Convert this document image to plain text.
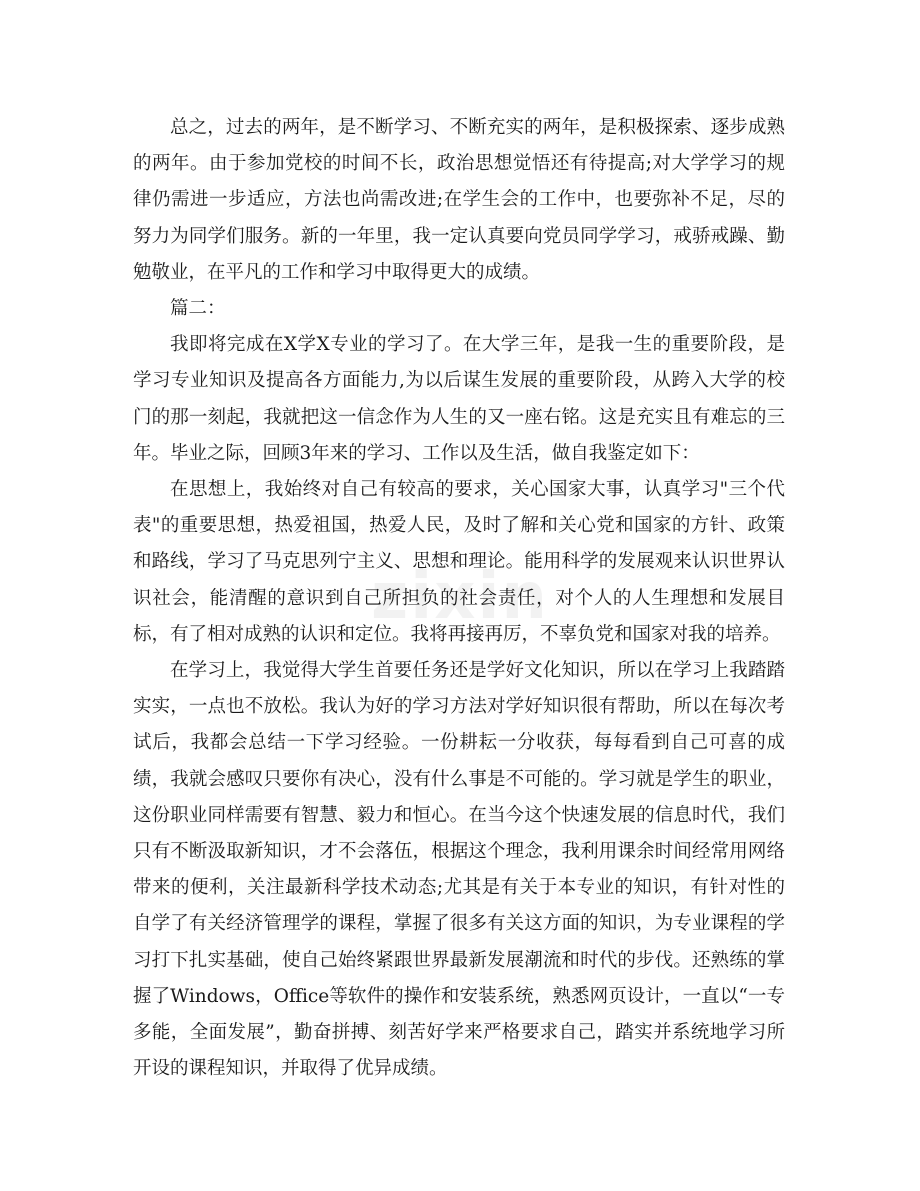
总之，过去的两年，是不断学习、不断充实的两年，是积极探索、逐步成熟的两年。由于参加党校的时间不长，政治思想觉悟还有待提高;对大学学习的规律仍需进一步适应，方法也尚需改进;在学生会的工作中，也要弥补不足，尽的努力为同学们服务。新的一年里，我一定认真要向党员同学学习，戒骄戒躁、勤勉敬业，在平凡的工作和学习中取得更大的成绩。

篇二：

我即将完成在X学X专业的学习了。在大学三年，是我一生的重要阶段，是学习专业知识及提高各方面能力,为以后谋生发展的重要阶段，从跨入大学的校门的那一刻起，我就把这一信念作为人生的又一座右铭。这是充实且有难忘的三年。毕业之际，回顾3年来的学习、工作以及生活，做自我鉴定如下：

在思想上，我始终对自己有较高的要求，关心国家大事，认真学习"三个代表"的重要思想，热爱祖国，热爱人民，及时了解和关心党和国家的方针、政策和路线，学习了马克思列宁主义、思想和理论。能用科学的发展观来认识世界认识社会，能清醒的意识到自己所担负的社会责任，对个人的人生理想和发展目标，有了相对成熟的认识和定位。我将再接再厉，不辜负党和国家对我的培养。

在学习上，我觉得大学生首要任务还是学好文化知识，所以在学习上我踏踏实实，一点也不放松。我认为好的学习方法对学好知识很有帮助，所以在每次考试后，我都会总结一下学习经验。一份耕耘一分收获，每每看到自己可喜的成绩，我就会感叹只要你有决心，没有什么事是不可能的。学习就是学生的职业，这份职业同样需要有智慧、毅力和恒心。在当今这个快速发展的信息时代，我们只有不断汲取新知识，才不会落伍，根据这个理念，我利用课余时间经常用网络带来的便利，关注最新科学技术动态;尤其是有关于本专业的知识，有针对性的自学了有关经济管理学的课程，掌握了很多有关这方面的知识，为专业课程的学习打下扎实基础，使自己始终紧跟世界最新发展潮流和时代的步伐。还熟练的掌握了Windows，Office等软件的操作和安装系统，熟悉网页设计，一直以“一专多能，全面发展”，勤奋拼搏、刻苦好学来严格要求自己，踏实并系统地学习所开设的课程知识，并取得了优异成绩。

zixin
